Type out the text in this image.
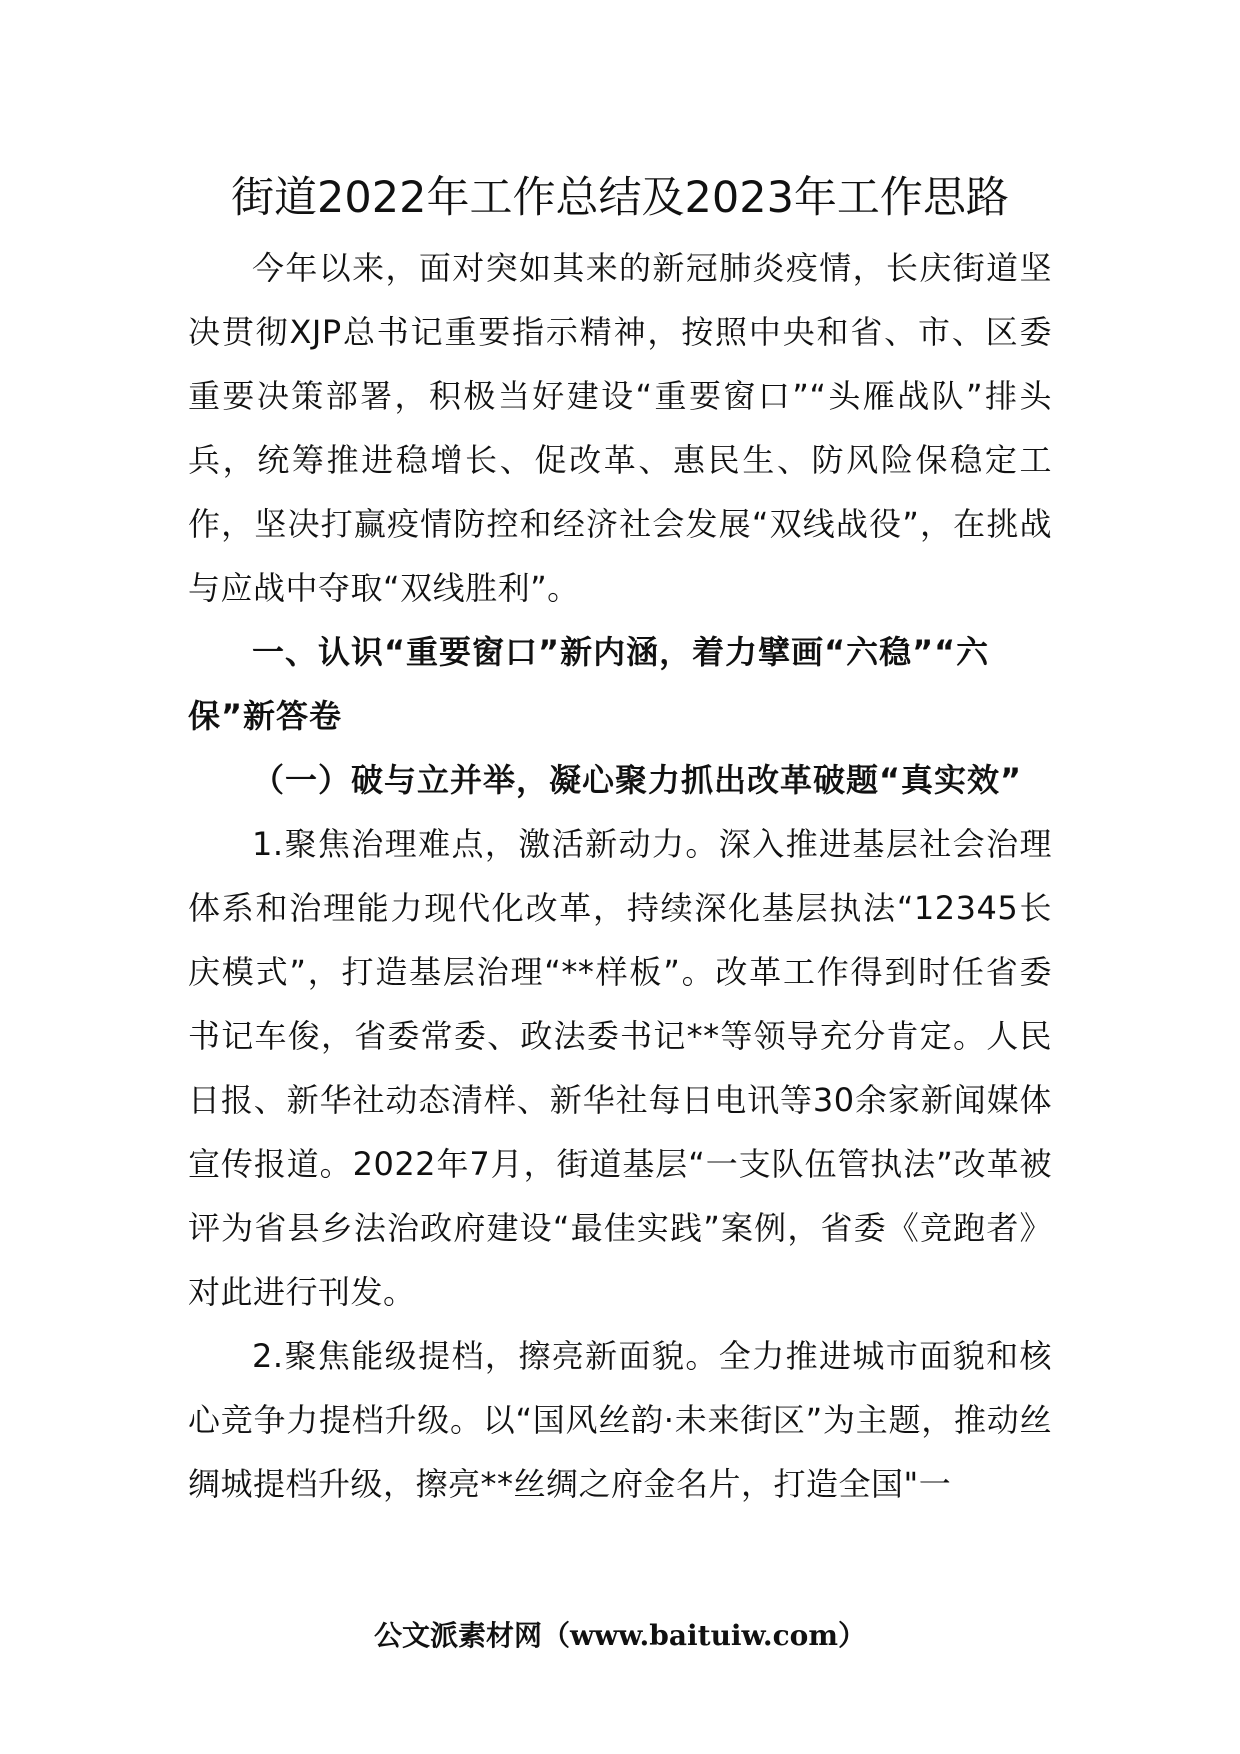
街道2022年工作总结及2023年工作思路

今年以来，面对突如其来的新冠肺炎疫情，长庆街道坚决贯彻XJP总书记重要指示精神，按照中央和省、市、区委重要决策部署，积极当好建设“重要窗口”“头雁战队”排头兵，统筹推进稳增长、促改革、惠民生、防风险保稳定工作，坚决打赢疫情防控和经济社会发展“双线战役”，在挑战与应战中夺取“双线胜利”。

一、认识“重要窗口”新内涵，着力擘画“六稳”“六保”新答卷

（一）破与立并举，凝心聚力抓出改革破题“真实效”

1.聚焦治理难点，激活新动力。深入推进基层社会治理体系和治理能力现代化改革，持续深化基层执法“12345长庆模式”，打造基层治理“**样板”。改革工作得到时任省委书记车俊，省委常委、政法委书记**等领导充分肯定。人民日报、新华社动态清样、新华社每日电讯等30余家新闻媒体宣传报道。2022年7月，街道基层“一支队伍管执法”改革被评为省县乡法治政府建设“最佳实践”案例，省委《竞跑者》对此进行刊发。

2.聚焦能级提档，擦亮新面貌。全力推进城市面貌和核心竞争力提档升级。以“国风丝韵·未来街区”为主题，推动丝绸城提档升级，擦亮**丝绸之府金名片，打造全国"一

公文派素材网（www.baituiw.com）
